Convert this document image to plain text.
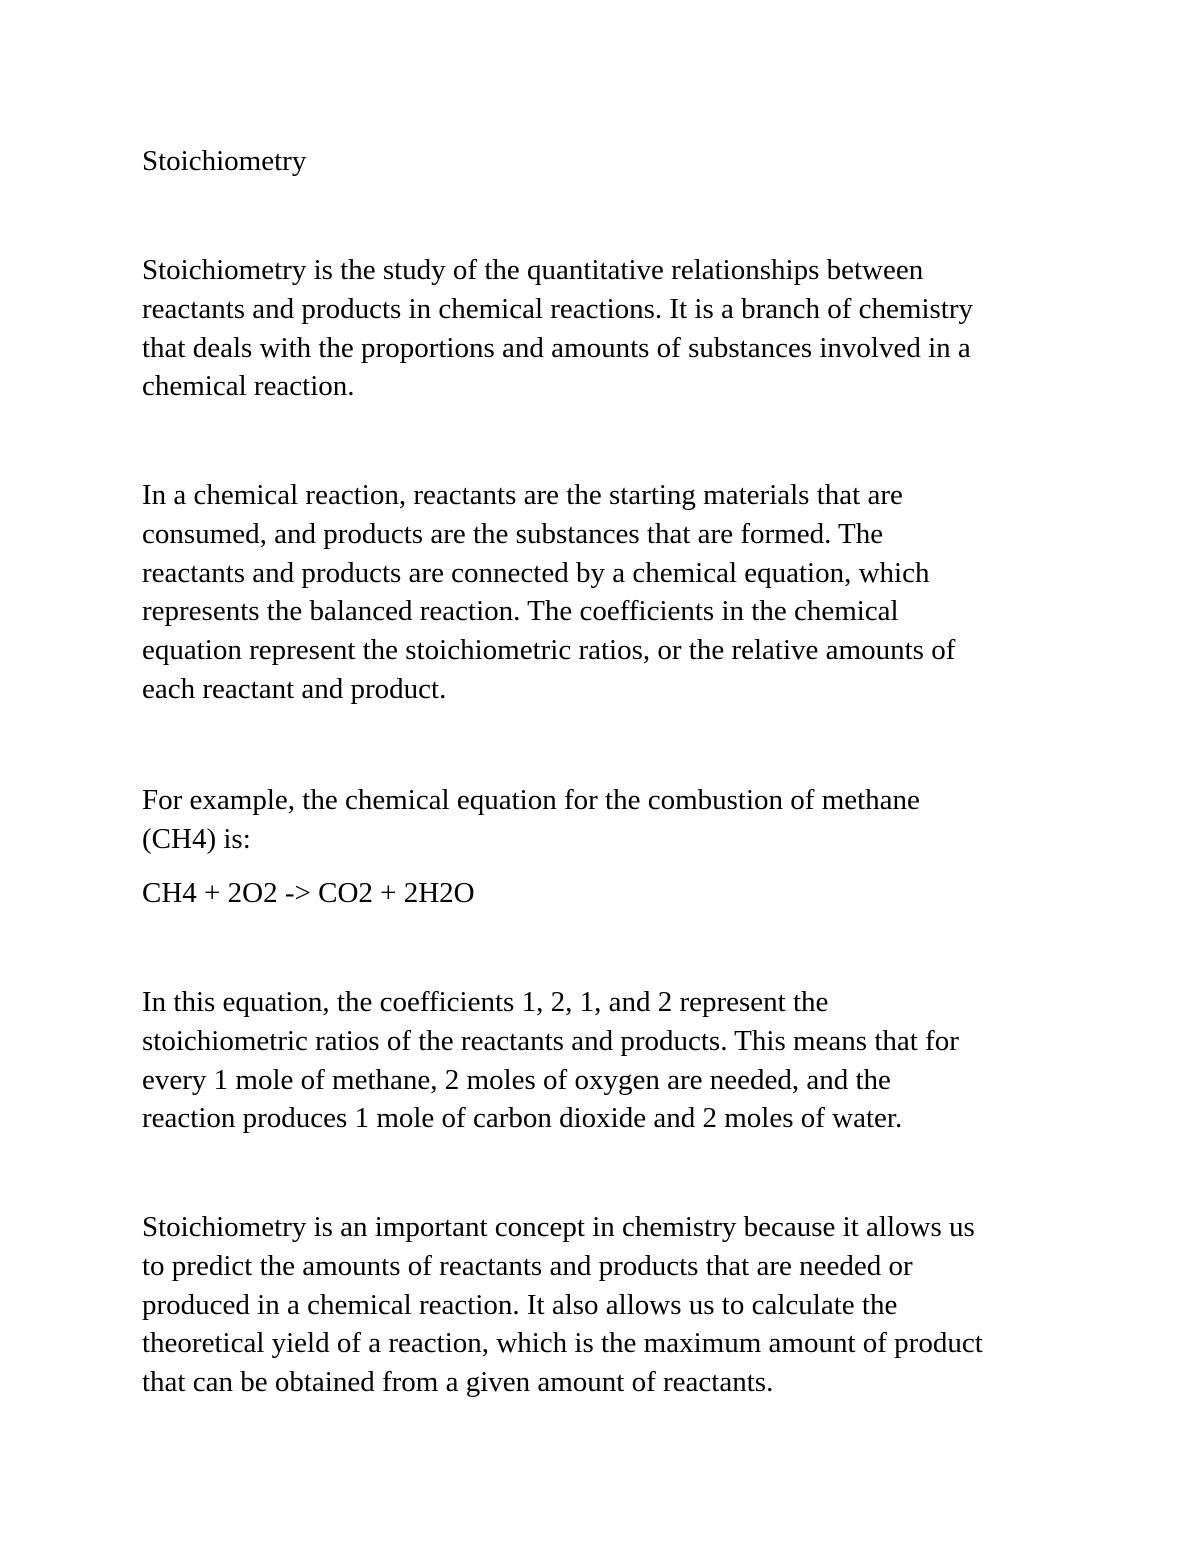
Stoichiometry

Stoichiometry is the study of the quantitative relationships between
reactants and products in chemical reactions. It is a branch of chemistry
that deals with the proportions and amounts of substances involved in a
chemical reaction.

In a chemical reaction, reactants are the starting materials that are
consumed, and products are the substances that are formed. The
reactants and products are connected by a chemical equation, which
represents the balanced reaction. The coefficients in the chemical
equation represent the stoichiometric ratios, or the relative amounts of
each reactant and product.

For example, the chemical equation for the combustion of methane
(CH4) is:

CH4 + 2O2 -> CO2 + 2H2O

In this equation, the coefficients 1, 2, 1, and 2 represent the
stoichiometric ratios of the reactants and products. This means that for
every 1 mole of methane, 2 moles of oxygen are needed, and the
reaction produces 1 mole of carbon dioxide and 2 moles of water.

Stoichiometry is an important concept in chemistry because it allows us
to predict the amounts of reactants and products that are needed or
produced in a chemical reaction. It also allows us to calculate the
theoretical yield of a reaction, which is the maximum amount of product
that can be obtained from a given amount of reactants.
